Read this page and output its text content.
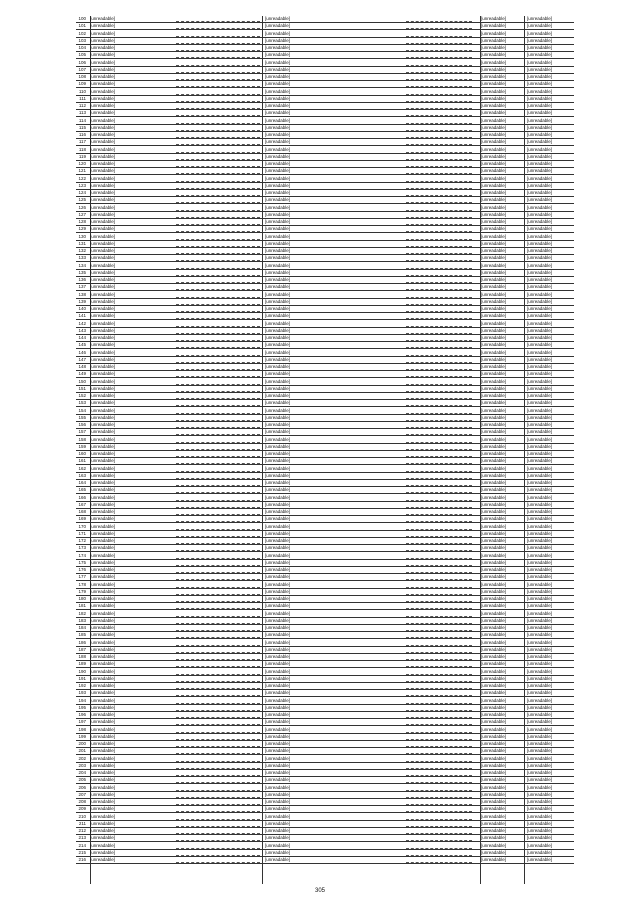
100 [unreadable]	[unreadable]	[unreadable]	[unreadable]
101 [unreadable]	[unreadable]	[unreadable]	[unreadable]
102 [unreadable]	[unreadable]	[unreadable]	[unreadable]
103 [unreadable]	[unreadable]	[unreadable]	[unreadable]
104 [unreadable]	[unreadable]	[unreadable]	[unreadable]
105 [unreadable]	[unreadable]	[unreadable]	[unreadable]
106 [unreadable]	[unreadable]	[unreadable]	[unreadable]
107 [unreadable]	[unreadable]	[unreadable]	[unreadable]
108 [unreadable]	[unreadable]	[unreadable]	[unreadable]
109 [unreadable]	[unreadable]	[unreadable]	[unreadable]
110 [unreadable]	[unreadable]	[unreadable]	[unreadable]
111 [unreadable]	[unreadable]	[unreadable]	[unreadable]
112 [unreadable]	[unreadable]	[unreadable]	[unreadable]
113 [unreadable]	[unreadable]	[unreadable]	[unreadable]
114 [unreadable]	[unreadable]	[unreadable]	[unreadable]
115 [unreadable]	[unreadable]	[unreadable]	[unreadable]
116 [unreadable]	[unreadable]	[unreadable]	[unreadable]
117 [unreadable]	[unreadable]	[unreadable]	[unreadable]
118 [unreadable]	[unreadable]	[unreadable]	[unreadable]
119 [unreadable]	[unreadable]	[unreadable]	[unreadable]
120 [unreadable]	[unreadable]	[unreadable]	[unreadable]
121 [unreadable]	[unreadable]	[unreadable]	[unreadable]
122 [unreadable]	[unreadable]	[unreadable]	[unreadable]
123 [unreadable]	[unreadable]	[unreadable]	[unreadable]
124 [unreadable]	[unreadable]	[unreadable]	[unreadable]
125 [unreadable]	[unreadable]	[unreadable]	[unreadable]
126 [unreadable]	[unreadable]	[unreadable]	[unreadable]
127 [unreadable]	[unreadable]	[unreadable]	[unreadable]
128 [unreadable]	[unreadable]	[unreadable]	[unreadable]
129 [unreadable]	[unreadable]	[unreadable]	[unreadable]
130 [unreadable]	[unreadable]	[unreadable]	[unreadable]
131 [unreadable]	[unreadable]	[unreadable]	[unreadable]
132 [unreadable]	[unreadable]	[unreadable]	[unreadable]
133 [unreadable]	[unreadable]	[unreadable]	[unreadable]
134 [unreadable]	[unreadable]	[unreadable]	[unreadable]
135 [unreadable]	[unreadable]	[unreadable]	[unreadable]
136 [unreadable]	[unreadable]	[unreadable]	[unreadable]
137 [unreadable]	[unreadable]	[unreadable]	[unreadable]
138 [unreadable]	[unreadable]	[unreadable]	[unreadable]
139 [unreadable]	[unreadable]	[unreadable]	[unreadable]
140 [unreadable]	[unreadable]	[unreadable]	[unreadable]
141 [unreadable]	[unreadable]	[unreadable]	[unreadable]
142 [unreadable]	[unreadable]	[unreadable]	[unreadable]
143 [unreadable]	[unreadable]	[unreadable]	[unreadable]
144 [unreadable]	[unreadable]	[unreadable]	[unreadable]
145 [unreadable]	[unreadable]	[unreadable]	[unreadable]
146 [unreadable]	[unreadable]	[unreadable]	[unreadable]
147 [unreadable]	[unreadable]	[unreadable]	[unreadable]
148 [unreadable]	[unreadable]	[unreadable]	[unreadable]
149 [unreadable]	[unreadable]	[unreadable]	[unreadable]
150 [unreadable]	[unreadable]	[unreadable]	[unreadable]
151 [unreadable]	[unreadable]	[unreadable]	[unreadable]
152 [unreadable]	[unreadable]	[unreadable]	[unreadable]
153 [unreadable]	[unreadable]	[unreadable]	[unreadable]
154 [unreadable]	[unreadable]	[unreadable]	[unreadable]
155 [unreadable]	[unreadable]	[unreadable]	[unreadable]
156 [unreadable]	[unreadable]	[unreadable]	[unreadable]
157 [unreadable]	[unreadable]	[unreadable]	[unreadable]
158 [unreadable]	[unreadable]	[unreadable]	[unreadable]
159 [unreadable]	[unreadable]	[unreadable]	[unreadable]
160 [unreadable]	[unreadable]	[unreadable]	[unreadable]
161 [unreadable]	[unreadable]	[unreadable]	[unreadable]
162 [unreadable]	[unreadable]	[unreadable]	[unreadable]
163 [unreadable]	[unreadable]	[unreadable]	[unreadable]
164 [unreadable]	[unreadable]	[unreadable]	[unreadable]
165 [unreadable]	[unreadable]	[unreadable]	[unreadable]
166 [unreadable]	[unreadable]	[unreadable]	[unreadable]
167 [unreadable]	[unreadable]	[unreadable]	[unreadable]
168 [unreadable]	[unreadable]	[unreadable]	[unreadable]
169 [unreadable]	[unreadable]	[unreadable]	[unreadable]
170 [unreadable]	[unreadable]	[unreadable]	[unreadable]
171 [unreadable]	[unreadable]	[unreadable]	[unreadable]
172 [unreadable]	[unreadable]	[unreadable]	[unreadable]
173 [unreadable]	[unreadable]	[unreadable]	[unreadable]
174 [unreadable]	[unreadable]	[unreadable]	[unreadable]
175 [unreadable]	[unreadable]	[unreadable]	[unreadable]
176 [unreadable]	[unreadable]	[unreadable]	[unreadable]
177 [unreadable]	[unreadable]	[unreadable]	[unreadable]
178 [unreadable]	[unreadable]	[unreadable]	[unreadable]
179 [unreadable]	[unreadable]	[unreadable]	[unreadable]
180 [unreadable]	[unreadable]	[unreadable]	[unreadable]
181 [unreadable]	[unreadable]	[unreadable]	[unreadable]
182 [unreadable]	[unreadable]	[unreadable]	[unreadable]
183 [unreadable]	[unreadable]	[unreadable]	[unreadable]
184 [unreadable]	[unreadable]	[unreadable]	[unreadable]
185 [unreadable]	[unreadable]	[unreadable]	[unreadable]
186 [unreadable]	[unreadable]	[unreadable]	[unreadable]
187 [unreadable]	[unreadable]	[unreadable]	[unreadable]
188 [unreadable]	[unreadable]	[unreadable]	[unreadable]
189 [unreadable]	[unreadable]	[unreadable]	[unreadable]
190 [unreadable]	[unreadable]	[unreadable]	[unreadable]
191 [unreadable]	[unreadable]	[unreadable]	[unreadable]
192 [unreadable]	[unreadable]	[unreadable]	[unreadable]
193 [unreadable]	[unreadable]	[unreadable]	[unreadable]
194 [unreadable]	[unreadable]	[unreadable]	[unreadable]
195 [unreadable]	[unreadable]	[unreadable]	[unreadable]
196 [unreadable]	[unreadable]	[unreadable]	[unreadable]
197 [unreadable]	[unreadable]	[unreadable]	[unreadable]
198 [unreadable]	[unreadable]	[unreadable]	[unreadable]
199 [unreadable]	[unreadable]	[unreadable]	[unreadable]
200 [unreadable]	[unreadable]	[unreadable]	[unreadable]
201 [unreadable]	[unreadable]	[unreadable]	[unreadable]
202 [unreadable]	[unreadable]	[unreadable]	[unreadable]
203 [unreadable]	[unreadable]	[unreadable]	[unreadable]
204 [unreadable]	[unreadable]	[unreadable]	[unreadable]
205 [unreadable]	[unreadable]	[unreadable]	[unreadable]
206 [unreadable]	[unreadable]	[unreadable]	[unreadable]
207 [unreadable]	[unreadable]	[unreadable]	[unreadable]
208 [unreadable]	[unreadable]	[unreadable]	[unreadable]
209 [unreadable]	[unreadable]	[unreadable]	[unreadable]
210 [unreadable]	[unreadable]	[unreadable]	[unreadable]
211 [unreadable]	[unreadable]	[unreadable]	[unreadable]
212 [unreadable]	[unreadable]	[unreadable]	[unreadable]
213 [unreadable]	[unreadable]	[unreadable]	[unreadable]
214 [unreadable]	[unreadable]	[unreadable]	[unreadable]
215 [unreadable]	[unreadable]	[unreadable]	[unreadable]
216 [unreadable]	[unreadable]	[unreadable]	[unreadable]
305
